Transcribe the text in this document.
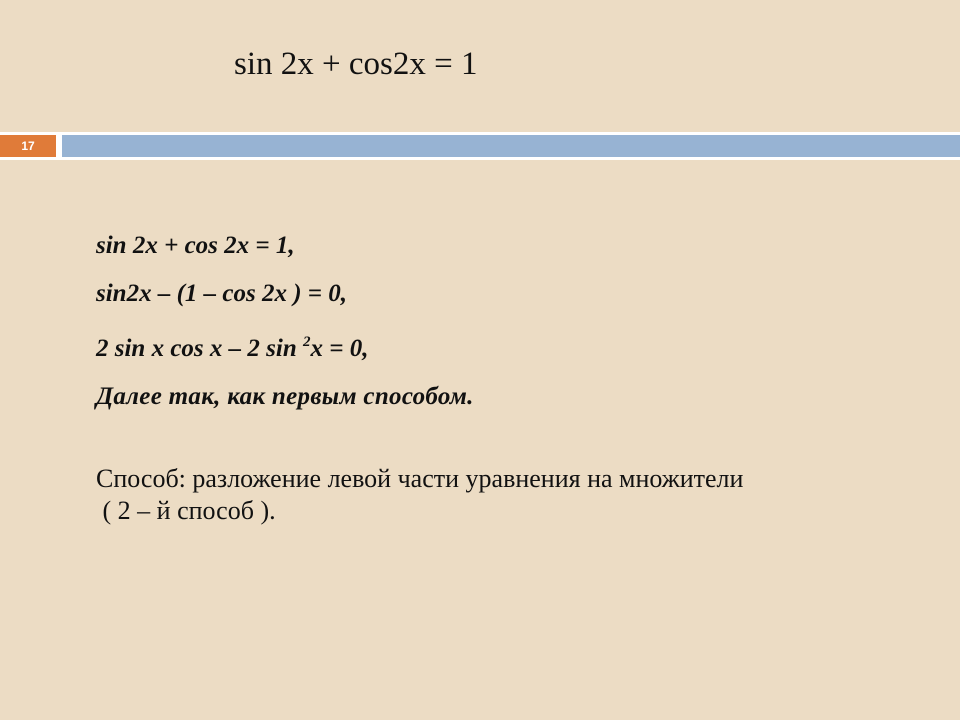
sin 2x + cos2x = 1
17
sin 2x + cos 2x = 1,
sin2x – (1 – cos 2x ) = 0,
2 sin x cos x – 2 sin $^2$x = 0,
Далее так, как первым способом.
Способ: разложение левой части уравнения на множители
( 2 – й способ ).
